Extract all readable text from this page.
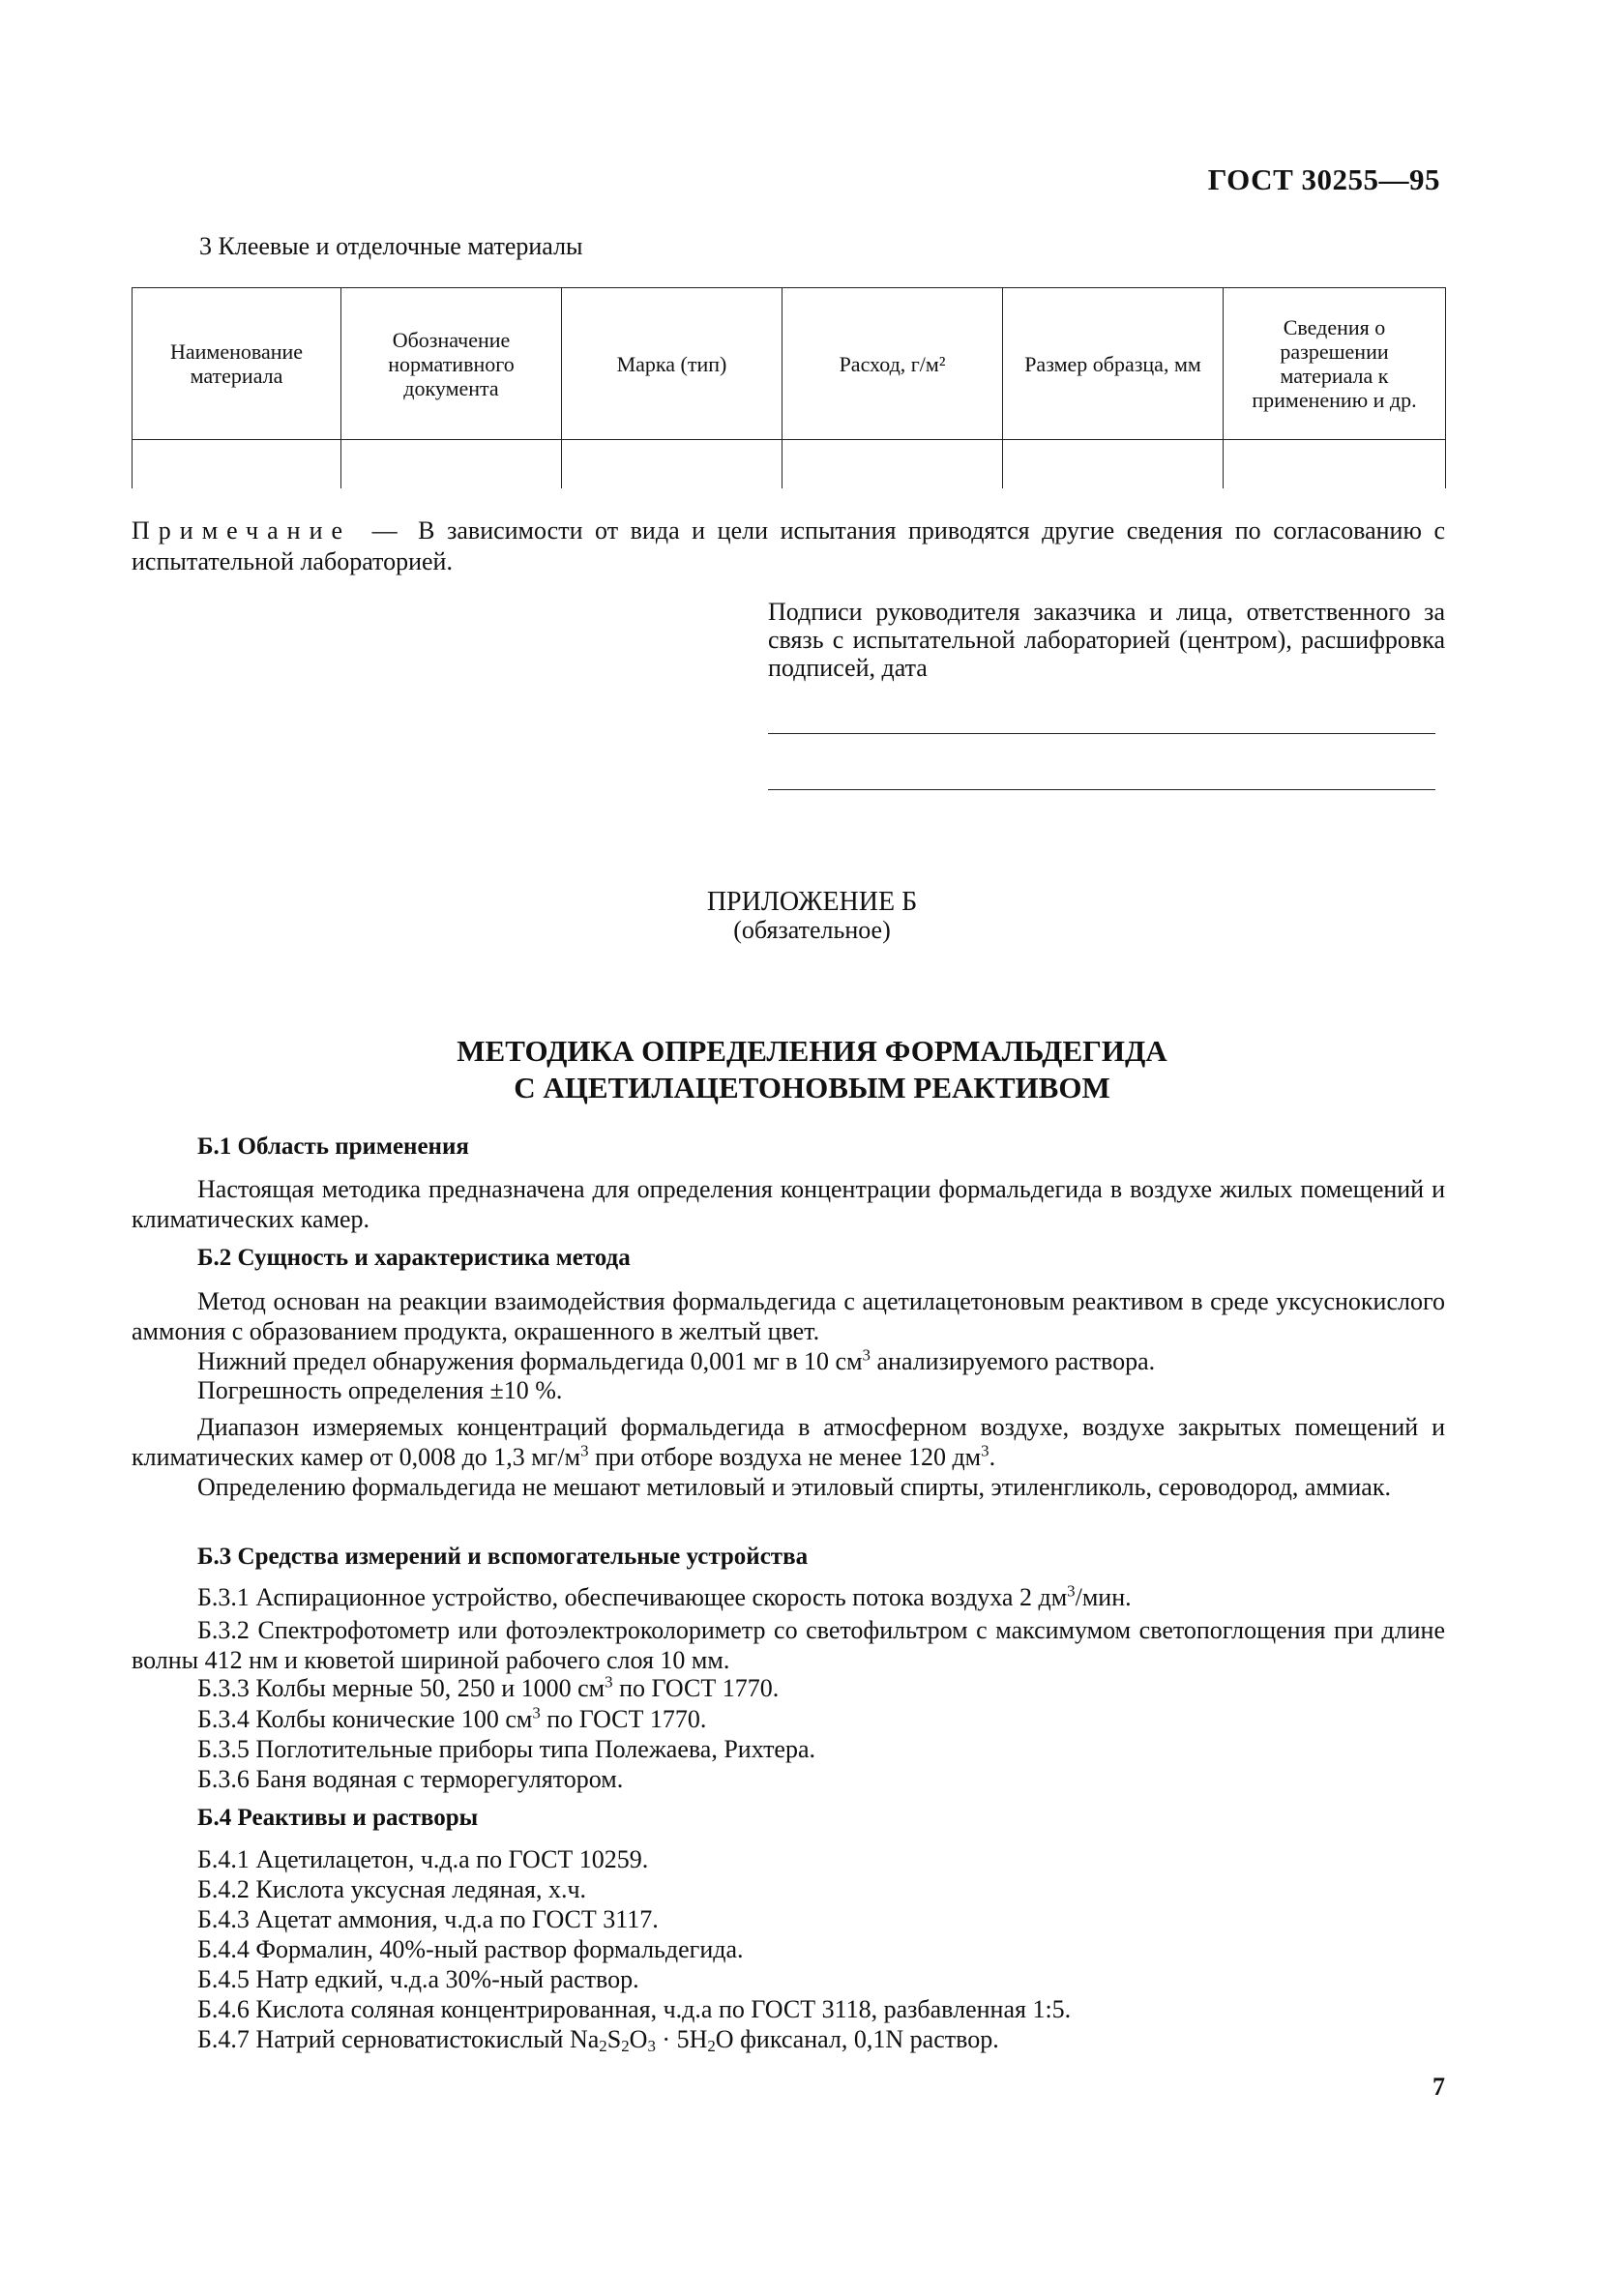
ГОСТ 30255—95
3 Клеевые и отделочные материалы
Наименование материала	Обозначение нормативного документа	Марка (тип)	Расход, г/м²	Размер образца, мм	Сведения о разрешении материала к применению и др.

Примечание — В зависимости от вида и цели испытания приводятся другие сведения по согласованию с испытательной лабораторией.
Подписи руководителя заказчика и лица, ответственного за связь с испытательной лабораторией (центром), расшифровка подписей, дата
ПРИЛОЖЕНИЕ Б
(обязательное)
МЕТОДИКА ОПРЕДЕЛЕНИЯ ФОРМАЛЬДЕГИДА
С АЦЕТИЛАЦЕТОНОВЫМ РЕАКТИВОМ
Б.1 Область применения
Настоящая методика предназначена для определения концентрации формальдегида в воздухе жилых помещений и климатических камер.
Б.2 Сущность и характеристика метода
Метод основан на реакции взаимодействия формальдегида с ацетилацетоновым реактивом в среде уксуснокислого аммония с образованием продукта, окрашенного в желтый цвет.
Нижний предел обнаружения формальдегида 0,001 мг в 10 $см^3$ анализируемого раствора.
Погрешность определения ±10 %.
Диапазон измеряемых концентраций формальдегида в атмосферном воздухе, воздухе закрытых помещений и климатических камер от 0,008 до 1,3 $мг/м^3$ при отборе воздуха не менее 120 $дм^3$.
Определению формальдегида не мешают метиловый и этиловый спирты, этиленгликоль, сероводород, аммиак.
Б.3 Средства измерений и вспомогательные устройства
Б.3.1 Аспирационное устройство, обеспечивающее скорость потока воздуха 2 $дм^3$/мин.
Б.3.2 Спектрофотометр или фотоэлектроколориметр со светофильтром с максимумом светопоглощения при длине волны 412 нм и кюветой шириной рабочего слоя 10 мм.
Б.3.3 Колбы мерные 50, 250 и 1000 $см^3$ по ГОСТ 1770.
Б.3.4 Колбы конические 100 $см^3$ по ГОСТ 1770.
Б.3.5 Поглотительные приборы типа Полежаева, Рихтера.
Б.3.6 Баня водяная с терморегулятором.
Б.4 Реактивы и растворы
Б.4.1 Ацетилацетон, ч.д.а по ГОСТ 10259.
Б.4.2 Кислота уксусная ледяная, х.ч.
Б.4.3 Ацетат аммония, ч.д.а по ГОСТ 3117.
Б.4.4 Формалин, 40%-ный раствор формальдегида.
Б.4.5 Натр едкий, ч.д.а 30%-ный раствор.
Б.4.6 Кислота соляная концентрированная, ч.д.а по ГОСТ 3118, разбавленная 1:5.
Б.4.7 Натрий серноватистокислый $Na_2S_2O_3 \cdot 5H_2O$ фиксанал, 0,1N раствор.
7
